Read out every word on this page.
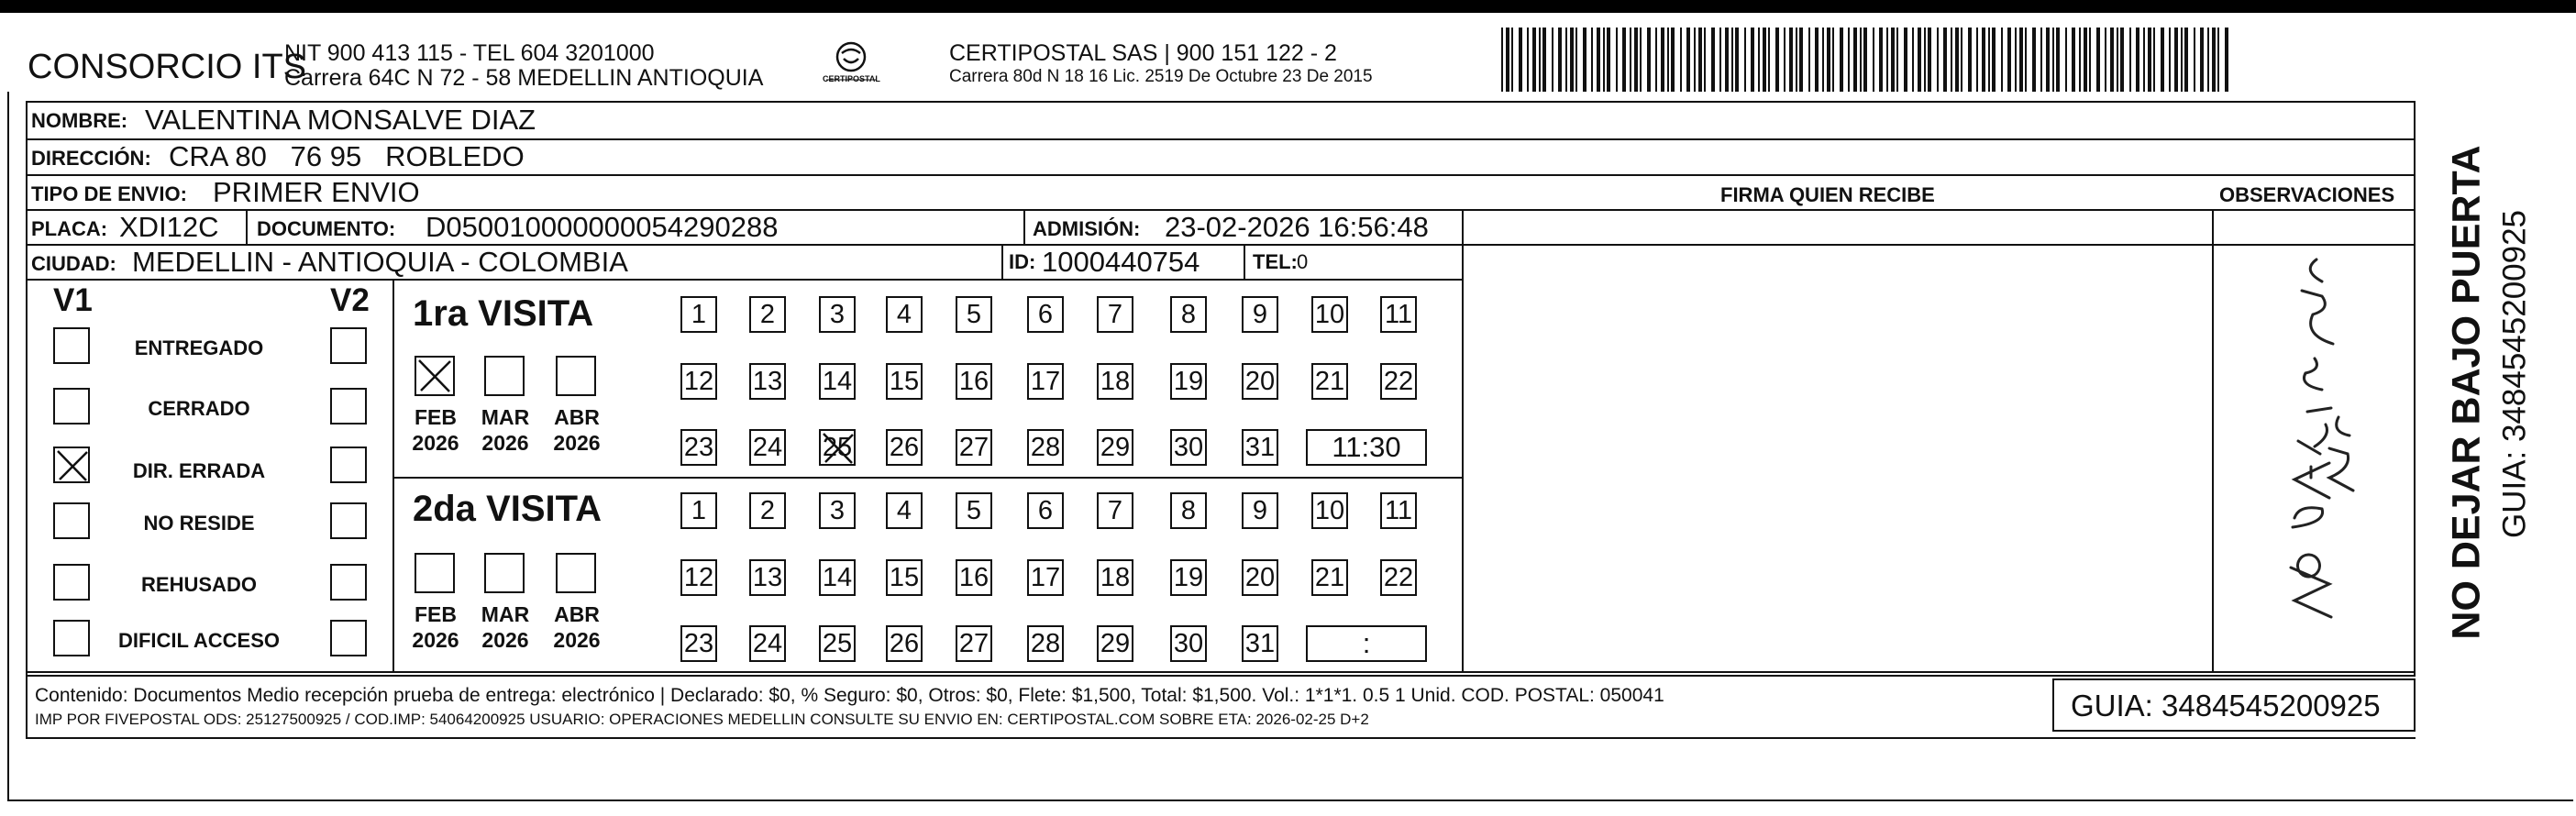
CONSORCIO ITS
NIT 900 413 115 - TEL 604 3201000
Carrera 64C N 72 - 58 MEDELLIN ANTIOQUIA	CERTIPOSTAL
CERTIPOSTAL SAS | 900 151 122 - 2
Carrera 80d N 18 16 Lic. 2519 De Octubre 23 De 2015
NOMBRE: VALENTINA MONSALVE DIAZ
DIRECCIÓN: CRA 80   76 95   ROBLEDO
TIPO DE ENVIO: PRIMER ENVIO
PLACA: XDI12C DOCUMENTO: D050010000000054290288	ADMISIÓN: 23-02-2026 16:56:48
CIUDAD: MEDELLIN - ANTIOQUIA - COLOMBIA	ID: 1000440754	TEL: 0
FIRMA QUIEN RECIBE	OBSERVACIONES
V1	V2 1ra VISITA
2da VISITA
Contenido: Documentos Medio recepción prueba de entrega: electrónico | Declarado: $0, % Seguro: $0, Otros: $0, Flete: $1,500, Total: $1,500. Vol.: 1*1*1. 0.5 1 Unid. COD. POSTAL: 050041
IMP POR FIVEPOSTAL ODS: 25127500925 / COD.IMP: 54064200925 USUARIO: OPERACIONES MEDELLIN CONSULTE SU ENVIO EN: CERTIPOSTAL.COM SOBRE ETA: 2026-02-25 D+2	GUIA: 3484545200925
NO DEJAR BAJO PUERTA GUIA: 3484545200925
ENTREGADO
CERRADO
DIR. ERRADA
NO RESIDE
REHUSADO
DIFICIL ACCESO
FEB
2026
MAR
2026
ABR
2026
FEB
2026
MAR
2026
ABR
2026
1	2	3	4	5	6	7	8	9	10 11
12 13 14 15 16 17 18 19 20 21 22
23 24 25 26 27 28 29 30 31	11:30
1	2	3	4	5	6	7	8	9	10 11
12 13 14 15 16 17 18 19 20 21 22
23 24 25 26 27 28 29 30 31	:
